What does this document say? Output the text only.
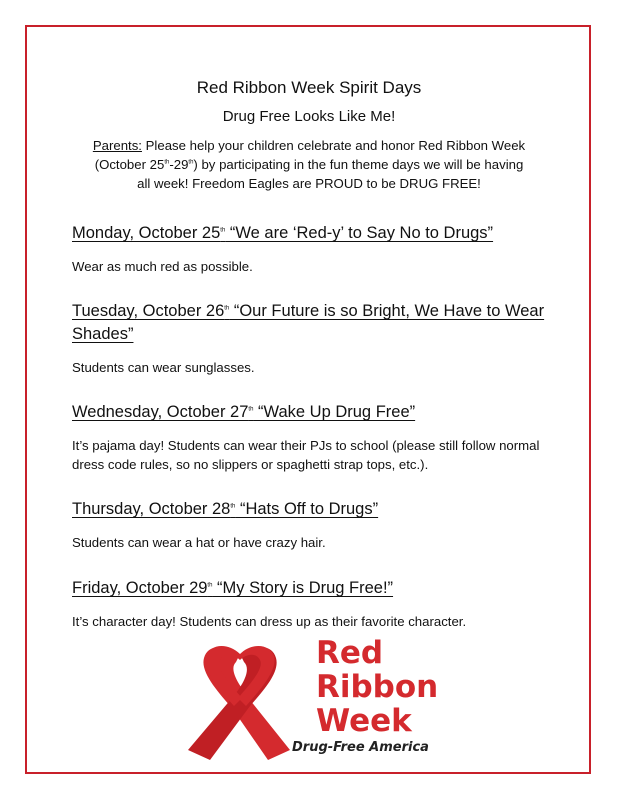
Red Ribbon Week Spirit Days
Drug Free Looks Like Me!
Parents: Please help your children celebrate and honor Red Ribbon Week
(October 25th-29th) by participating in the fun theme days we will be having
all week! Freedom Eagles are PROUD to be DRUG FREE!
Monday, October 25th “We are ‘Red-y’ to Say No to Drugs”

Wear as much red as possible.

Tuesday, October 26th “Our Future is so Bright, We Have to Wear Shades”

Students can wear sunglasses.

Wednesday, October 27th “Wake Up Drug Free”

It’s pajama day! Students can wear their PJs to school (please still follow normal dress code rules, so no slippers or spaghetti strap tops, etc.).

Thursday, October 28th “Hats Off to Drugs”

Students can wear a hat or have crazy hair.

Friday, October 29th “My Story is Drug Free!”

It’s character day! Students can dress up as their favorite character.

Red
Ribbon
Week
Drug-Free America
